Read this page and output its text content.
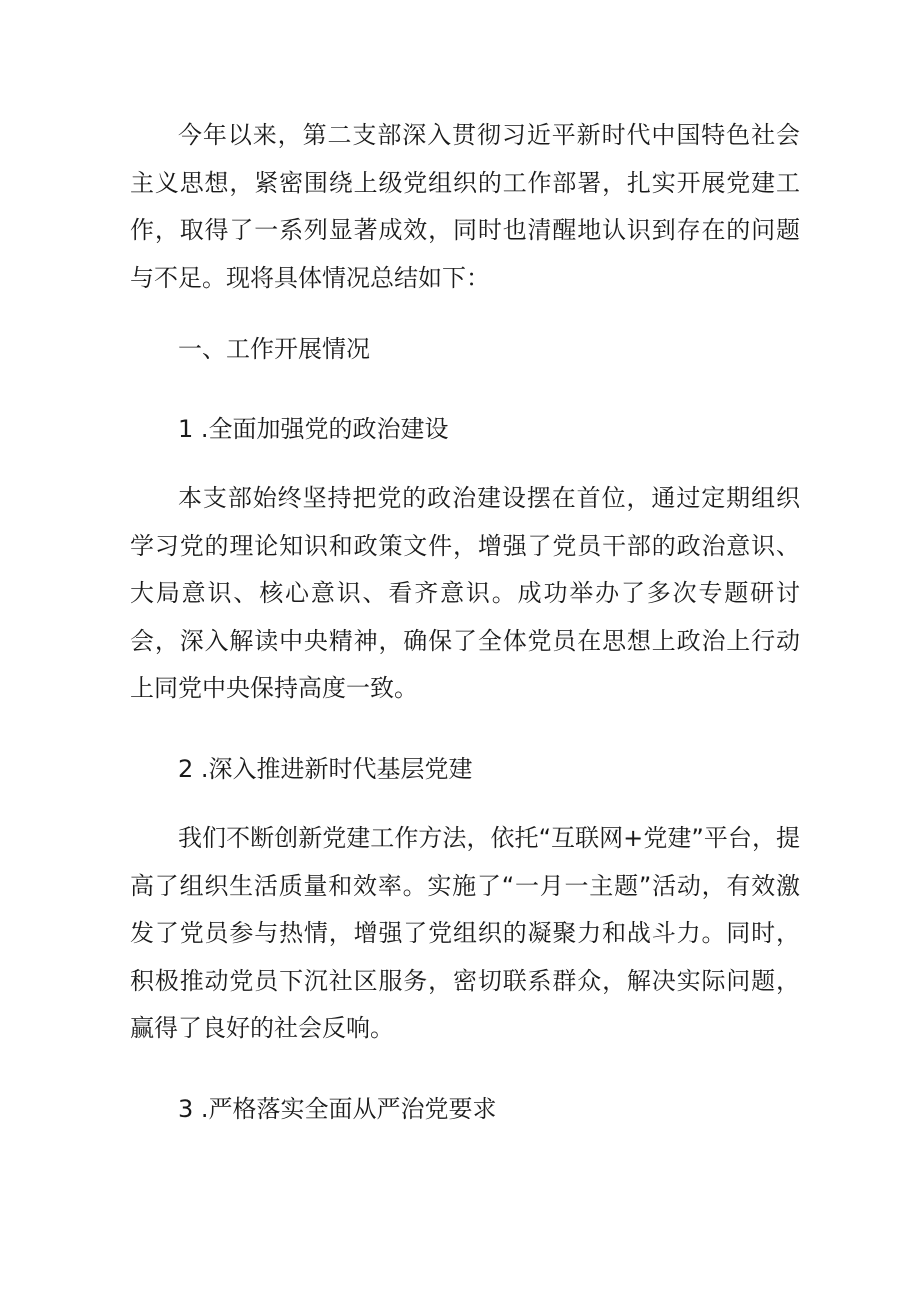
今年以来，第二支部深入贯彻习近平新时代中国特色社会主义思想，紧密围绕上级党组织的工作部署，扎实开展党建工作，取得了一系列显著成效，同时也清醒地认识到存在的问题与不足。现将具体情况总结如下：

一、工作开展情况

1 .全面加强党的政治建设

本支部始终坚持把党的政治建设摆在首位，通过定期组织学习党的理论知识和政策文件，增强了党员干部的政治意识、大局意识、核心意识、看齐意识。成功举办了多次专题研讨会，深入解读中央精神，确保了全体党员在思想上政治上行动上同党中央保持高度一致。

2 .深入推进新时代基层党建

我们不断创新党建工作方法，依托“互联网+党建”平台，提高了组织生活质量和效率。实施了“一月一主题”活动，有效激发了党员参与热情，增强了党组织的凝聚力和战斗力。同时，积极推动党员下沉社区服务，密切联系群众，解决实际问题，赢得了良好的社会反响。

3 .严格落实全面从严治党要求
